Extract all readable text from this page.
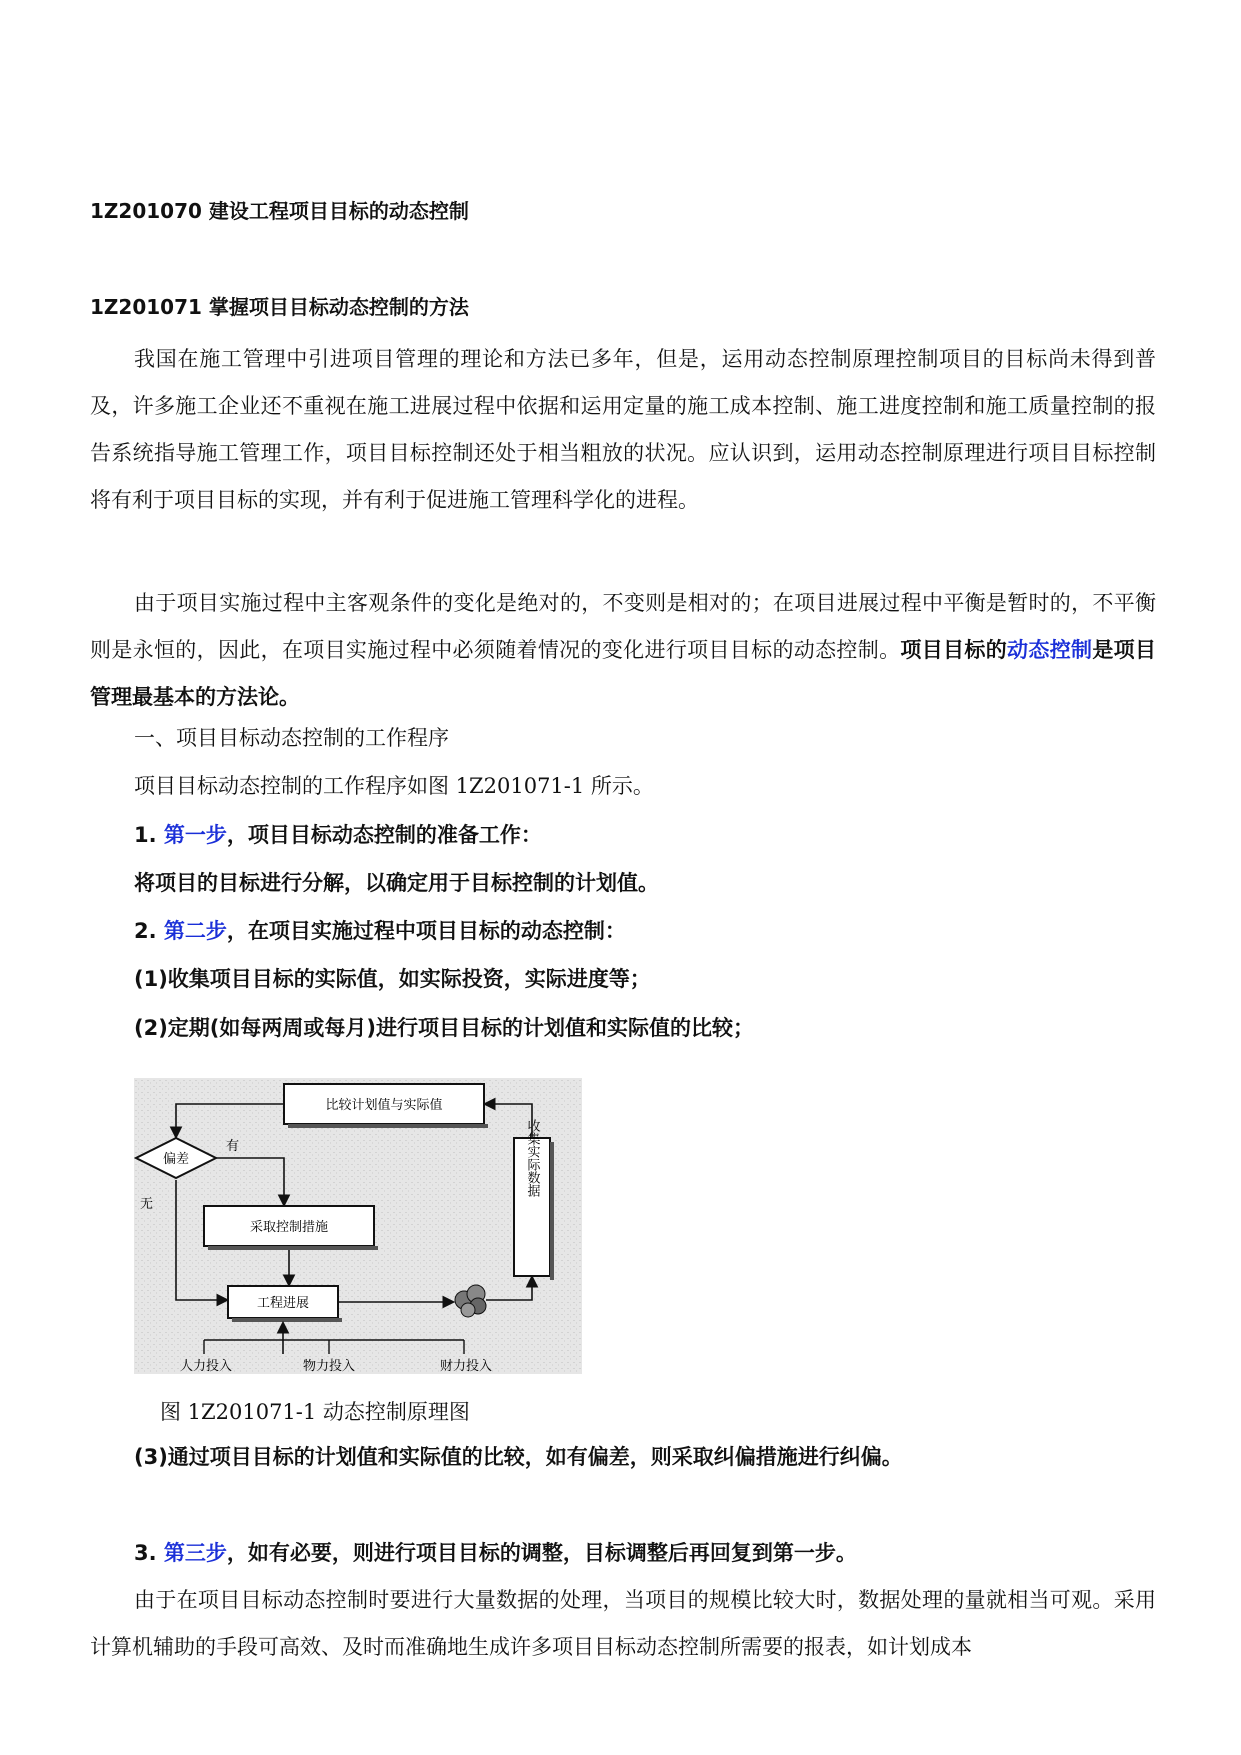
1Z201070 建设工程项目目标的动态控制
1Z201071 掌握项目目标动态控制的方法
我国在施工管理中引进项目管理的理论和方法已多年，但是，运用动态控制原理控制项目的目标尚未得到普及，许多施工企业还不重视在施工进展过程中依据和运用定量的施工成本控制、施工进度控制和施工质量控制的报告系统指导施工管理工作，项目目标控制还处于相当粗放的状况。应认识到，运用动态控制原理进行项目目标控制将有利于项目目标的实现，并有利于促进施工管理科学化的进程。
由于项目实施过程中主客观条件的变化是绝对的，不变则是相对的；在项目进展过程中平衡是暂时的，不平衡则是永恒的，因此，在项目实施过程中必须随着情况的变化进行项目目标的动态控制。项目目标的动态控制是项目管理最基本的方法论。
一、项目目标动态控制的工作程序
项目目标动态控制的工作程序如图 1Z201071-1 所示。
1. 第一步，项目目标动态控制的准备工作：
将项目的目标进行分解，以确定用于目标控制的计划值。
2. 第二步，在项目实施过程中项目目标的动态控制：
(1)收集项目目标的实际值，如实际投资，实际进度等；
(2)定期(如每两周或每月)进行项目目标的计划值和实际值的比较；
比较计划值与实际值
偏差
有
采取控制措施
无
工程进展
收集实际数据
人力投入	物力投入	财力投入
图 1Z201071-1 动态控制原理图
(3)通过项目目标的计划值和实际值的比较，如有偏差，则采取纠偏措施进行纠偏。
3. 第三步，如有必要，则进行项目目标的调整，目标调整后再回复到第一步。
由于在项目目标动态控制时要进行大量数据的处理，当项目的规模比较大时，数据处理的量就相当可观。采用计算机辅助的手段可高效、及时而准确地生成许多项目目标动态控制所需要的报表，如计划成本
